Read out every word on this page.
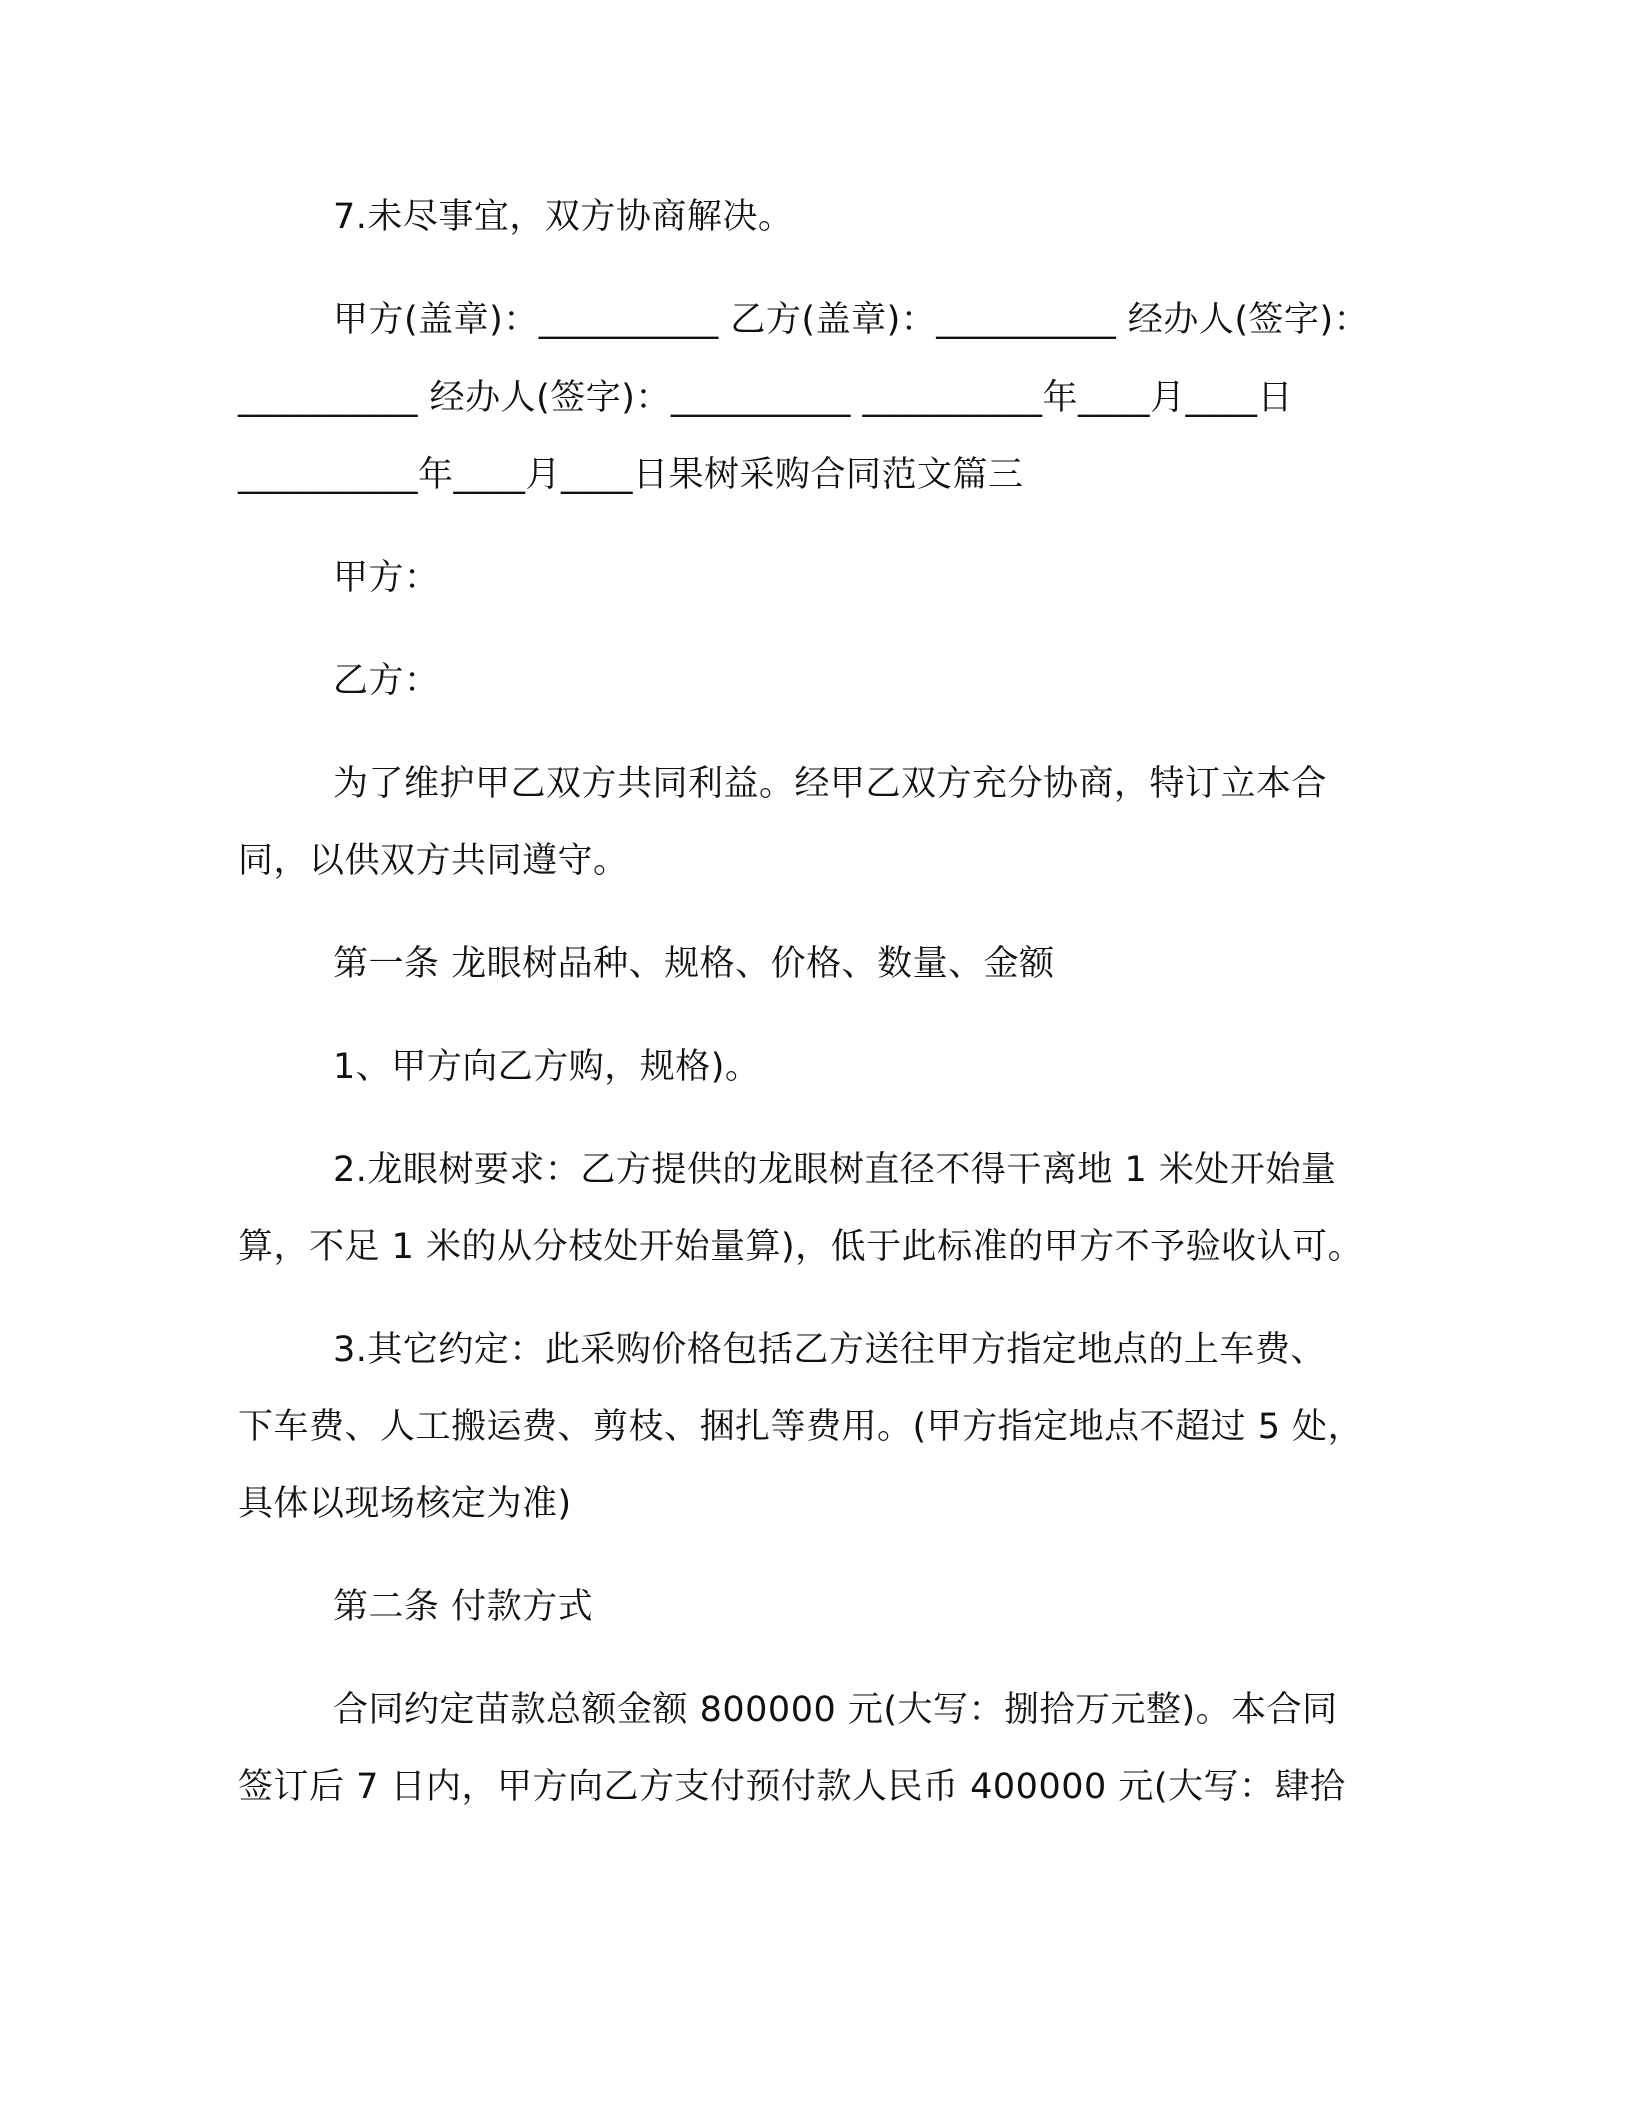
7.未尽事宜，双方协商解决。
甲方(盖章)：__________ 乙方(盖章)：__________ 经办人(签字)：
__________ 经办人(签字)：__________ __________年____月____日
__________年____月____日果树采购合同范文篇三
甲方：
乙方：
为了维护甲乙双方共同利益。经甲乙双方充分协商，特订立本合
同，以供双方共同遵守。
第一条 龙眼树品种、规格、价格、数量、金额
1、甲方向乙方购，规格)。
2.龙眼树要求：乙方提供的龙眼树直径不得干离地 1 米处开始量
算，不足 1 米的从分枝处开始量算)，低于此标准的甲方不予验收认可。
3.其它约定：此采购价格包括乙方送往甲方指定地点的上车费、
下车费、人工搬运费、剪枝、捆扎等费用。(甲方指定地点不超过 5 处，
具体以现场核定为准)
第二条 付款方式
合同约定苗款总额金额 800000 元(大写：捌拾万元整)。本合同
签订后 7 日内，甲方向乙方支付预付款人民币 400000 元(大写：肆拾
